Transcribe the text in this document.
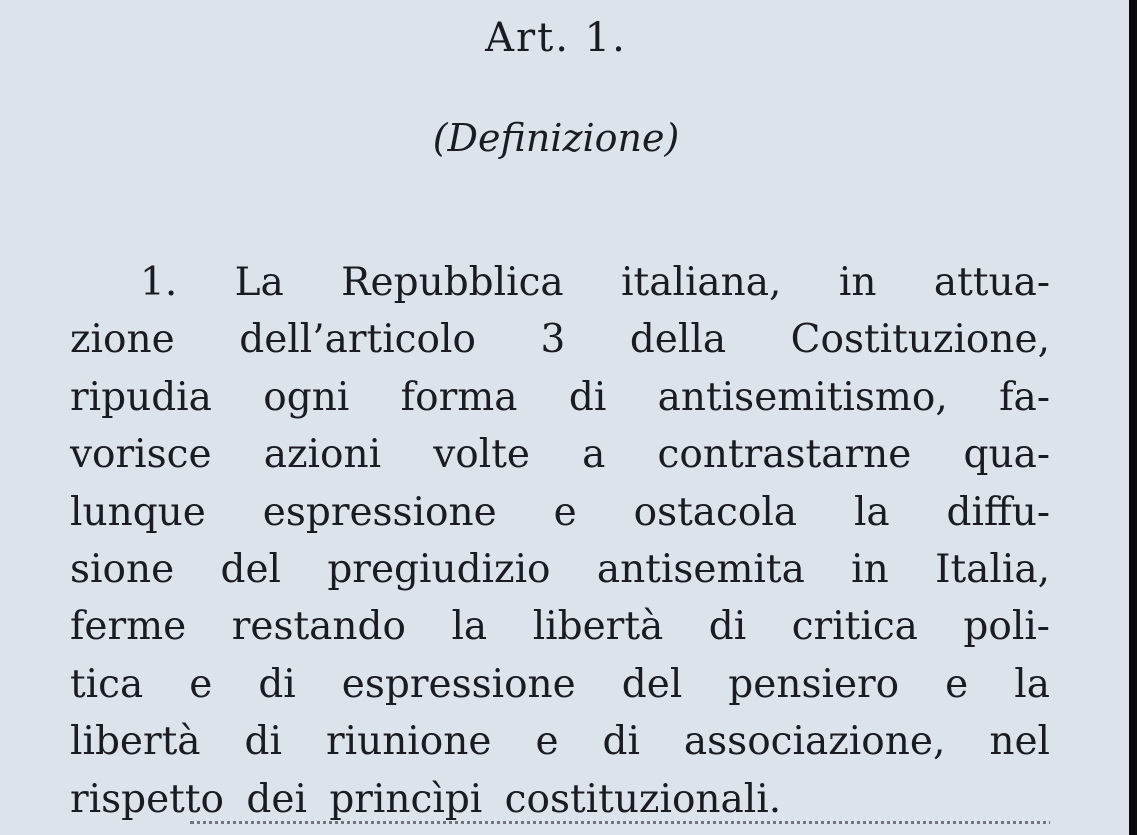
Art. 1.
(Definizione)
1. La Repubblica italiana, in attua-
zione dell’articolo 3 della Costituzione,
ripudia ogni forma di antisemitismo, fa-
vorisce azioni volte a contrastarne qua-
lunque espressione e ostacola la diffu-
sione del pregiudizio antisemita in Italia,
ferme restando la libertà di critica poli-
tica e di espressione del pensiero e la
libertà di riunione e di associazione, nel
rispetto dei princìpi costituzionali.
